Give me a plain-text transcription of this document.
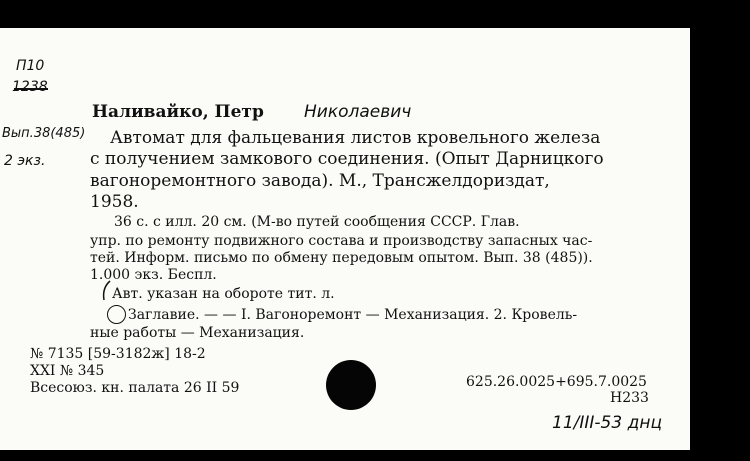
П10
1238
Вып.38(485)
2 экз.
Наливайко, Петр Николаевич
Автомат для фальцевания листов кровельного железа
с получением замкового соединения. (Опыт Дарницкого
вагоноремонтного завода). М., Трансжелдориздат,
1958.
36 с. с илл. 20 см. (М-во путей сообщения СССР. Глав.
упр. по ремонту подвижного состава и производству запасных час-
тей. Информ. письмо по обмену передовым опытом. Вып. 38 (485)).
1.000 экз. Беспл.
Авт. указан на обороте тит. л.
Заглавие. — — I. Вагоноремонт — Механизация. 2. Кровель-
ные работы — Механизация.
№ 7135 [59-3182ж] 18-2
XXI № 345
Всесоюз. кн. палата 26 II 59	625.26.0025+695.7.0025
Н233
11/III-53 днц
